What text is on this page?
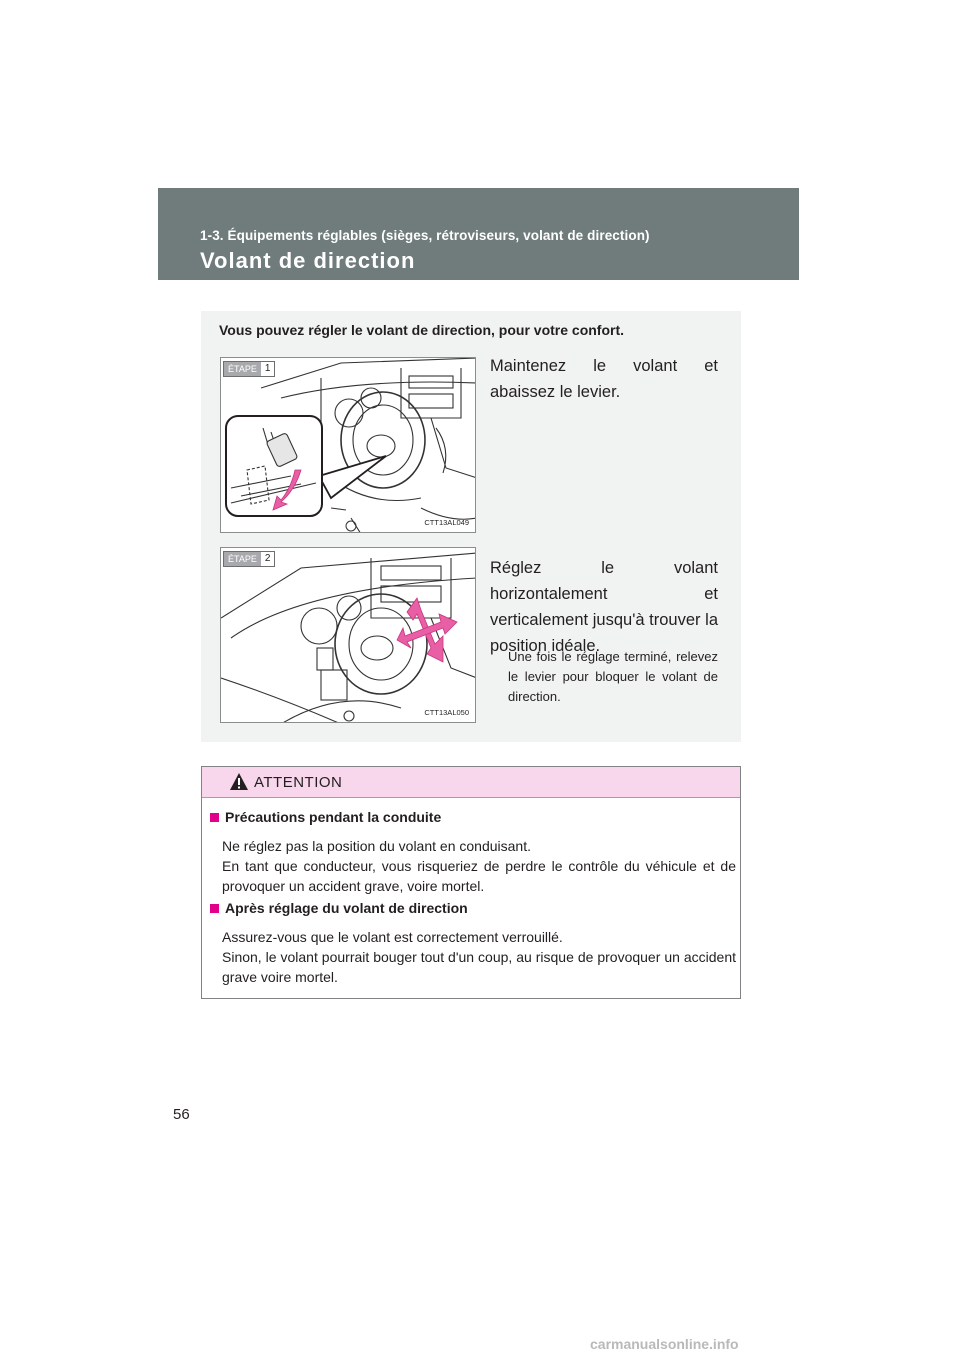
1-3. Équipements réglables (sièges, rétroviseurs, volant de direction)
Volant de direction
Vous pouvez régler le volant de direction, pour votre confort.
ÉTAPE 1
CTT13AL049
Maintenez le volant et abaissez le levier.
ÉTAPE 2
CTT13AL050
Réglez le volant horizontalement et verticalement jusqu'à trouver la position idéale.
Une fois le réglage terminé, relevez le levier pour bloquer le volant de direction.
ATTENTION
Précautions pendant la conduite
Ne réglez pas la position du volant en conduisant.
En tant que conducteur, vous risqueriez de perdre le contrôle du véhicule et de provoquer un accident grave, voire mortel.
Après réglage du volant de direction
Assurez-vous que le volant est correctement verrouillé.
Sinon, le volant pourrait bouger tout d'un coup, au risque de provoquer un accident grave voire mortel.
56
carmanualsonline.info
